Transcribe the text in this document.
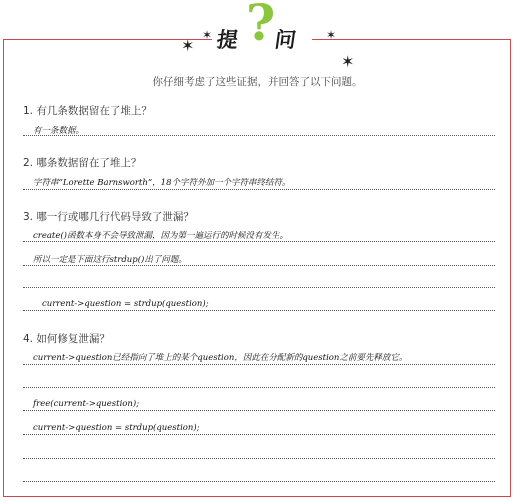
提 ?
问
✶
✶	✶
✶
你仔细考虑了这些证据，并回答了以下问题。
1. 有几条数据留在了堆上？
有一条数据。
2. 哪条数据留在了堆上？
字符串“Lorette Barnsworth”，18个字符外加一个字符串终结符。
3. 哪一行或哪几行代码导致了泄漏？
create()函数本身不会导致泄漏，因为第一遍运行的时候没有发生。
所以一定是下面这行strdup()出了问题。
current->question = strdup(question);
4. 如何修复泄漏？
current->question已经指向了堆上的某个question，因此在分配新的question之前要先释放它。
free(current->question);
current->question = strdup(question);
